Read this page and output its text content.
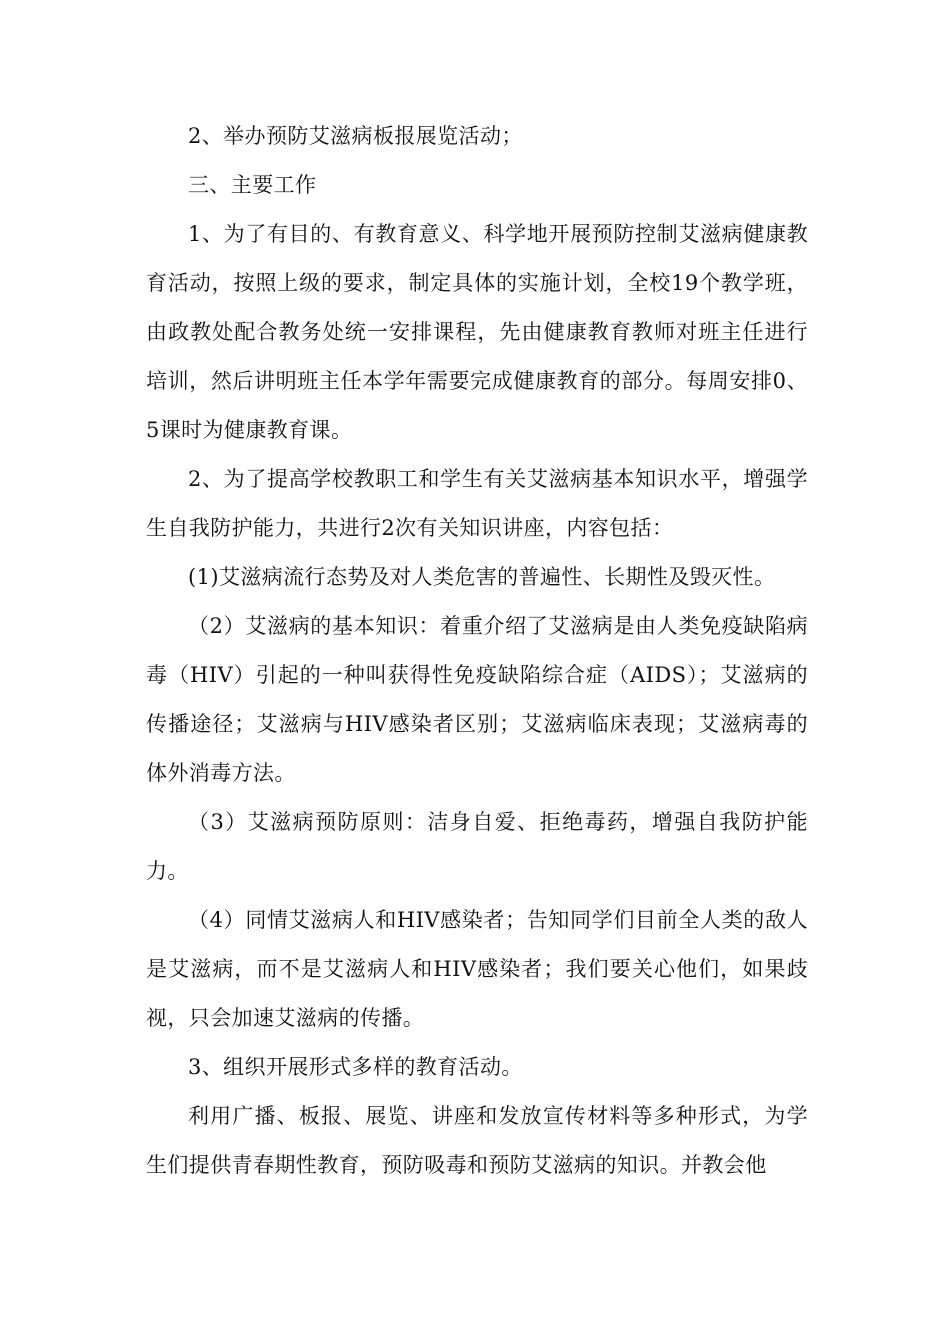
2、举办预防艾滋病板报展览活动；

三、主要工作

1、为了有目的、有教育意义、科学地开展预防控制艾滋病健康教育活动，按照上级的要求，制定具体的实施计划，全校19个教学班，由政教处配合教务处统一安排课程，先由健康教育教师对班主任进行培训，然后讲明班主任本学年需要完成健康教育的部分。每周安排0、5课时为健康教育课。

2、为了提高学校教职工和学生有关艾滋病基本知识水平，增强学生自我防护能力，共进行2次有关知识讲座，内容包括：

(1)艾滋病流行态势及对人类危害的普遍性、长期性及毁灭性。

（2）艾滋病的基本知识：着重介绍了艾滋病是由人类免疫缺陷病毒（HIV）引起的一种叫获得性免疫缺陷综合症（AIDS）；艾滋病的传播途径；艾滋病与HIV感染者区别；艾滋病临床表现；艾滋病毒的体外消毒方法。

（3）艾滋病预防原则：洁身自爱、拒绝毒药，增强自我防护能力。

（4）同情艾滋病人和HIV感染者；告知同学们目前全人类的敌人是艾滋病，而不是艾滋病人和HIV感染者；我们要关心他们，如果歧视，只会加速艾滋病的传播。

3、组织开展形式多样的教育活动。

利用广播、板报、展览、讲座和发放宣传材料等多种形式，为学生们提供青春期性教育，预防吸毒和预防艾滋病的知识。并教会他
